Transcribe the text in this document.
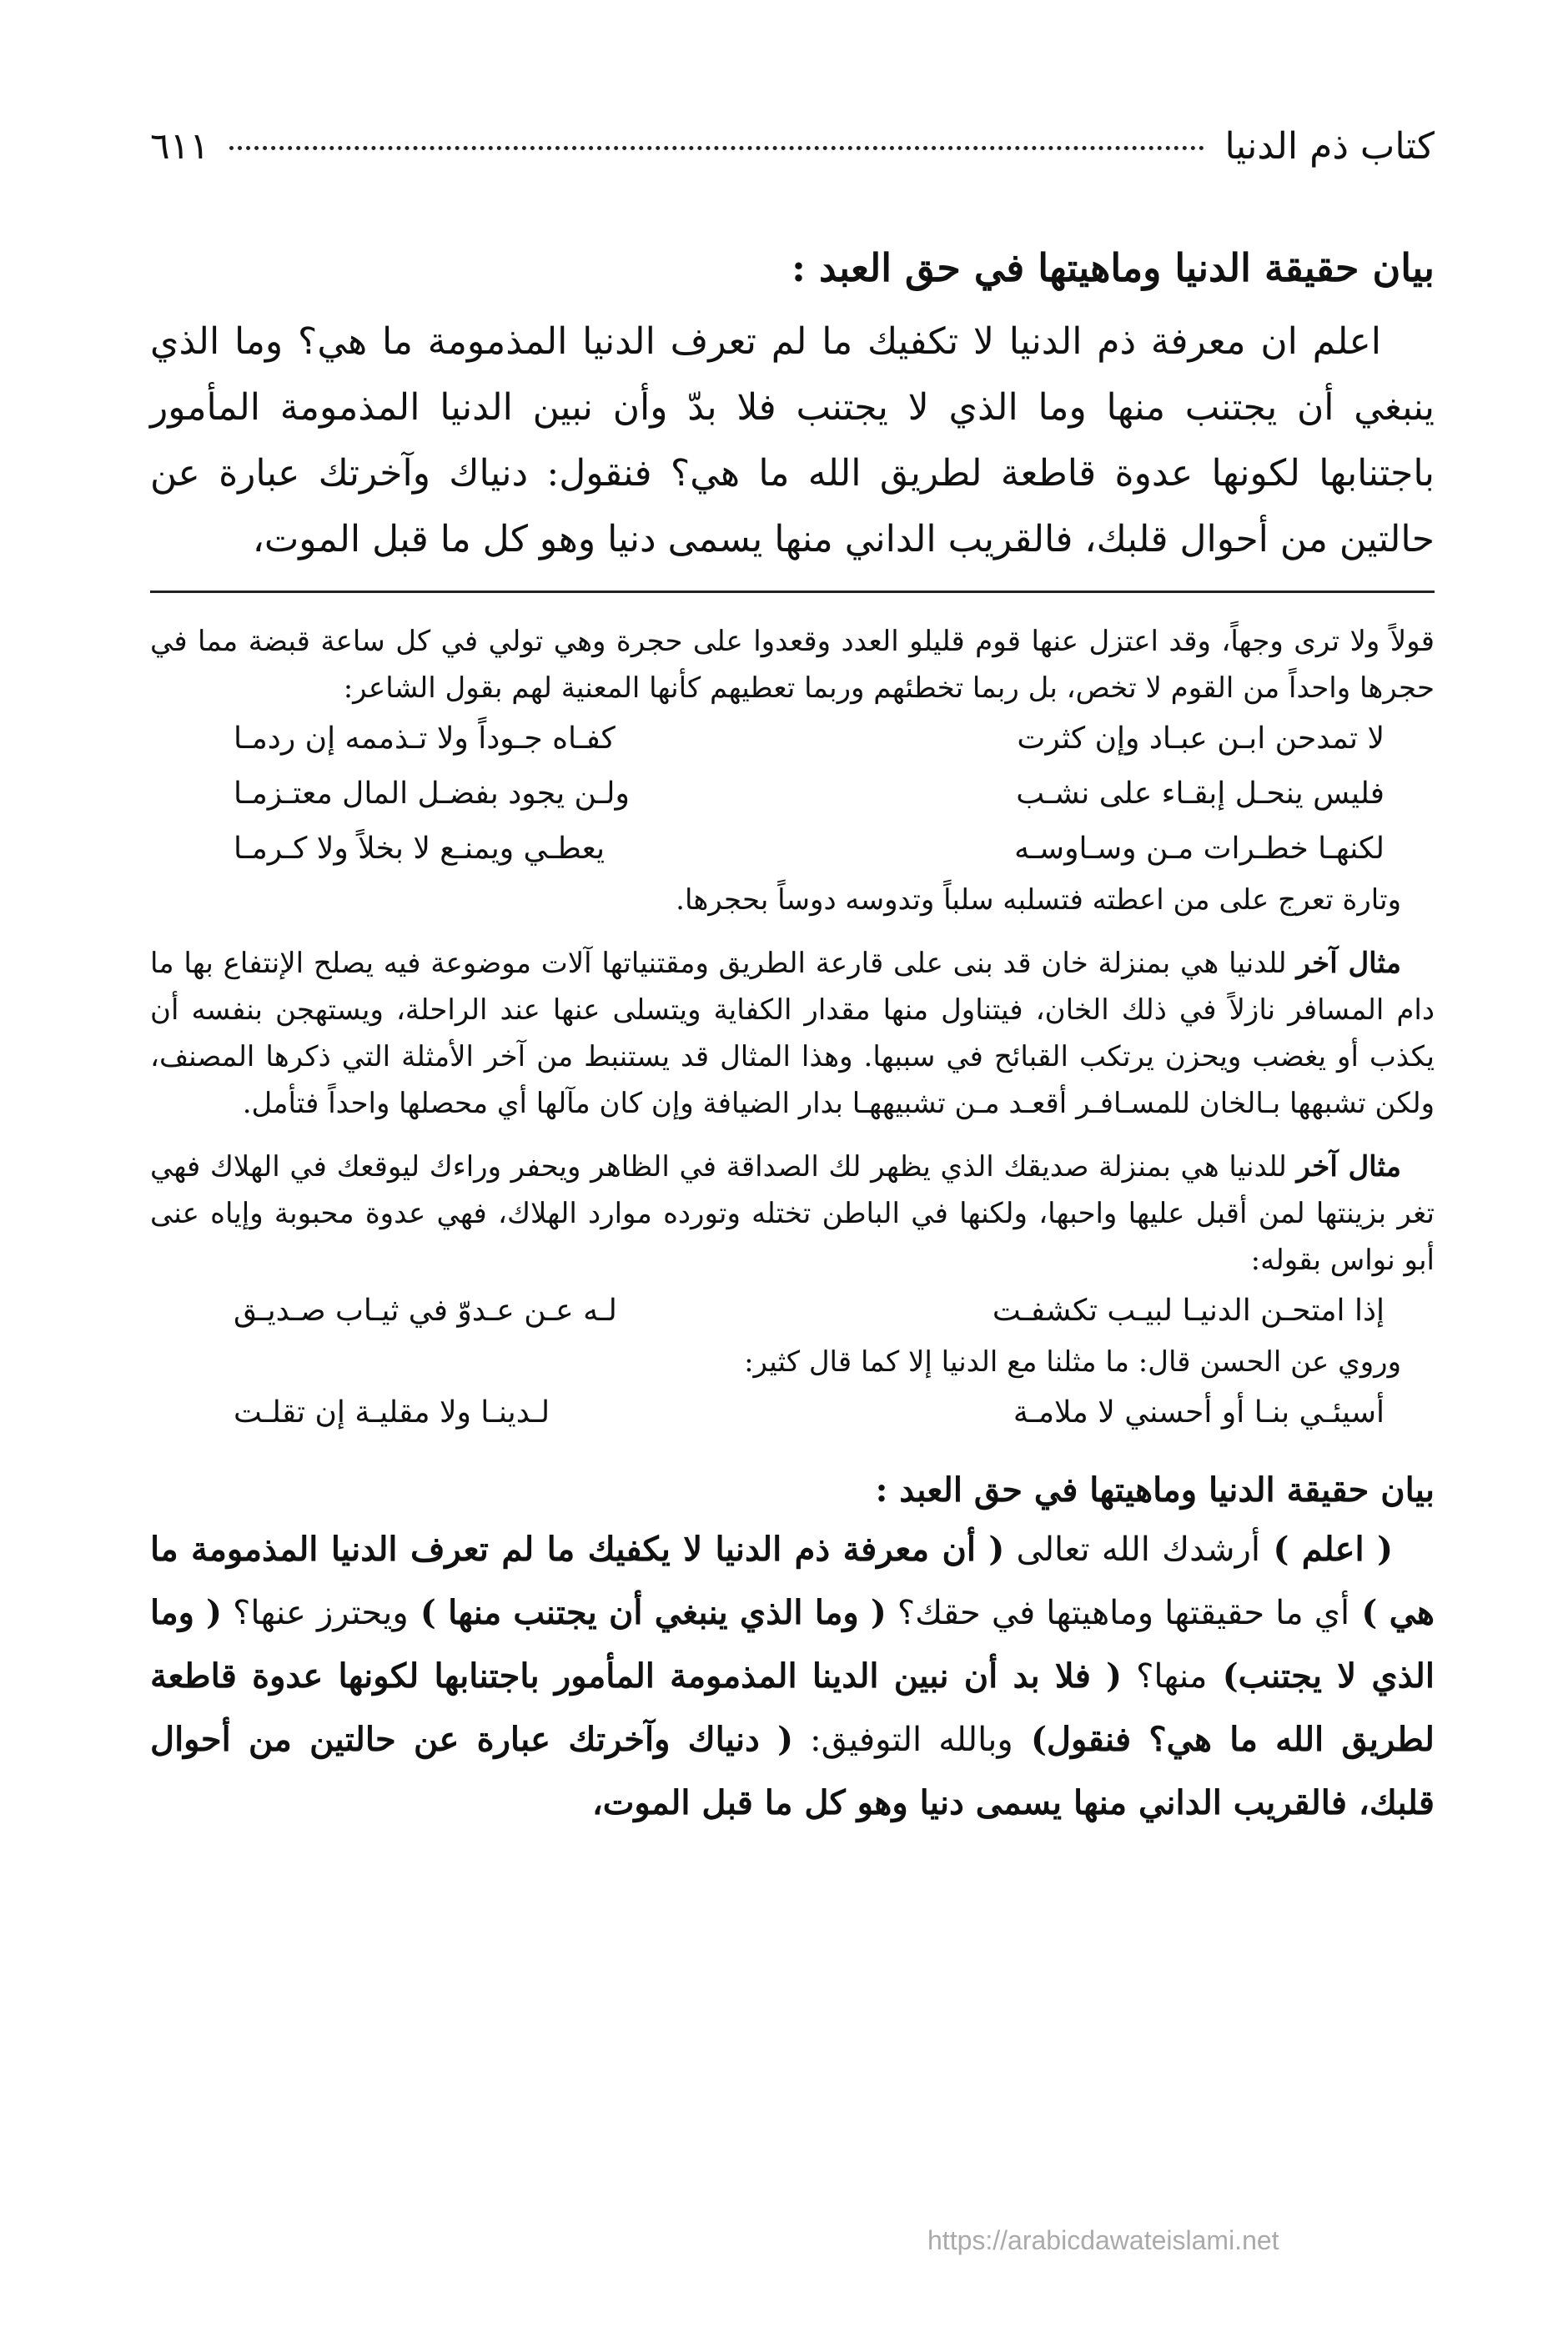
كتاب ذم الدنيا
٦١١
بيان حقيقة الدنيا وماهيتها في حق العبد :

اعلم ان معرفة ذم الدنيا لا تكفيك ما لم تعرف الدنيا المذمومة ما هي؟ وما الذي ينبغي أن يجتنب منها وما الذي لا يجتنب فلا بدّ وأن نبين الدنيا المذمومة المأمور باجتنابها لكونها عدوة قاطعة لطريق الله ما هي؟ فنقول: دنياك وآخرتك عبارة عن حالتين من أحوال قلبك، فالقريب الداني منها يسمى دنيا وهو كل ما قبل الموت،

قولاً ولا ترى وجهاً، وقد اعتزل عنها قوم قليلو العدد وقعدوا على حجرة وهي تولي في كل ساعة قبضة مما في حجرها واحداً من القوم لا تخص، بل ربما تخطئهم وربما تعطيهم كأنها المعنية لهم بقول الشاعر:

لا تمدحن ابـن عبـاد وإن كثرت
كفـاه جـوداً ولا تـذممه إن ردمـا
فليس ينحـل إبقـاء على نشـب
ولـن يجود بفضـل المال معتـزمـا
لكنهـا خطـرات مـن وسـاوسـه
يعطـي ويمنـع لا بخلاً ولا كـرمـا

وتارة تعرج على من اعطته فتسلبه سلباً وتدوسه دوساً بحجرها.

مثال آخر للدنيا هي بمنزلة خان قد بنى على قارعة الطريق ومقتنياتها آلات موضوعة فيه يصلح الإنتفاع بها ما دام المسافر نازلاً في ذلك الخان، فيتناول منها مقدار الكفاية ويتسلى عنها عند الراحلة، ويستهجن بنفسه أن يكذب أو يغضب ويحزن يرتكب القبائح في سببها. وهذا المثال قد يستنبط من آخر الأمثلة التي ذكرها المصنف، ولكن تشبهها بـالخان للمسـافـر أقعـد مـن تشبيههـا بدار الضيافة وإن كان مآلها أي محصلها واحداً فتأمل.

مثال آخر للدنيا هي بمنزلة صديقك الذي يظهر لك الصداقة في الظاهر ويحفر وراءك ليوقعك في الهلاك فهي تغر بزينتها لمن أقبل عليها واحبها، ولكنها في الباطن تختله وتورده موارد الهلاك، فهي عدوة محبوبة وإياه عنى أبو نواس بقوله:

إذا امتحـن الدنيـا لبيـب تكشفـت
لـه عـن عـدوّ في ثيـاب صـديـق

وروي عن الحسن قال: ما مثلنا مع الدنيا إلا كما قال كثير:

أسيئـي بنـا أو أحسني لا ملامـة
لـدينـا ولا مقليـة إن تقلـت
بيان حقيقة الدنيا وماهيتها في حق العبد :

( اعلم ) أرشدك الله تعالى ( أن معرفة ذم الدنيا لا يكفيك ما لم تعرف الدنيا المذمومة ما هي ) أي ما حقيقتها وماهيتها في حقك؟ ( وما الذي ينبغي أن يجتنب منها ) ويحترز عنها؟ ( وما الذي لا يجتنب) منها؟ ( فلا بد أن نبين الدينا المذمومة المأمور باجتنابها لكونها عدوة قاطعة لطريق الله ما هي؟ فنقول) وبالله التوفيق: ( دنياك وآخرتك عبارة عن حالتين من أحوال قلبك، فالقريب الداني منها يسمى دنيا وهو كل ما قبل الموت،

https://arabicdawateislami.net
